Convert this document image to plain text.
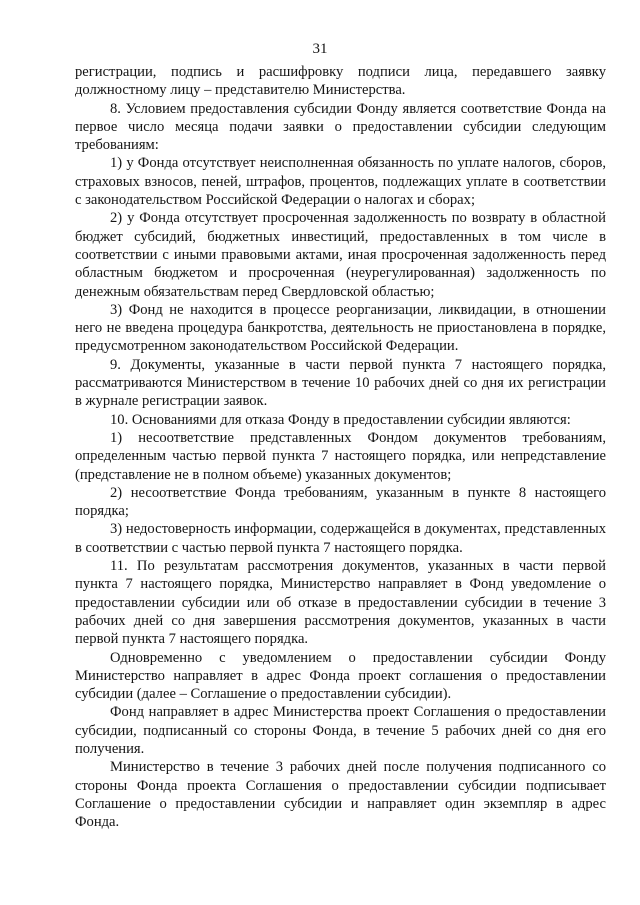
31

регистрации, подпись и расшифровку подписи лица, передавшего заявку должностному лицу – представителю Министерства.

8. Условием предоставления субсидии Фонду является соответствие Фонда на первое число месяца подачи заявки о предоставлении субсидии следующим требованиям:

1) у Фонда отсутствует неисполненная обязанность по уплате налогов, сборов, страховых взносов, пеней, штрафов, процентов, подлежащих уплате в соответствии с законодательством Российской Федерации о налогах и сборах;

2) у Фонда отсутствует просроченная задолженность по возврату в областной бюджет субсидий, бюджетных инвестиций, предоставленных в том числе в соответствии с иными правовыми актами, иная просроченная задолженность перед областным бюджетом и просроченная (неурегулированная) задолженность по денежным обязательствам перед Свердловской областью;

3) Фонд не находится в процессе реорганизации, ликвидации, в отношении него не введена процедура банкротства, деятельность не приостановлена в порядке, предусмотренном законодательством Российской Федерации.

9. Документы, указанные в части первой пункта 7 настоящего порядка, рассматриваются Министерством в течение 10 рабочих дней со дня их регистрации в журнале регистрации заявок.

10. Основаниями для отказа Фонду в предоставлении субсидии являются:

1) несоответствие представленных Фондом документов требованиям, определенным частью первой пункта 7 настоящего порядка, или непредставление (представление не в полном объеме) указанных документов;

2) несоответствие Фонда требованиям, указанным в пункте 8 настоящего порядка;

3) недостоверность информации, содержащейся в документах, представленных в соответствии с частью первой пункта 7 настоящего порядка.

11. По результатам рассмотрения документов, указанных в части первой пункта 7 настоящего порядка, Министерство направляет в Фонд уведомление о предоставлении субсидии или об отказе в предоставлении субсидии в течение 3 рабочих дней со дня завершения рассмотрения документов, указанных в части первой пункта 7 настоящего порядка.

Одновременно с уведомлением о предоставлении субсидии Фонду Министерство направляет в адрес Фонда проект соглашения о предоставлении субсидии (далее – Соглашение о предоставлении субсидии).

Фонд направляет в адрес Министерства проект Соглашения о предоставлении субсидии, подписанный со стороны Фонда, в течение 5 рабочих дней со дня его получения.

Министерство в течение 3 рабочих дней после получения подписанного со стороны Фонда проекта Соглашения о предоставлении субсидии подписывает Соглашение о предоставлении субсидии и направляет один экземпляр в адрес Фонда.
